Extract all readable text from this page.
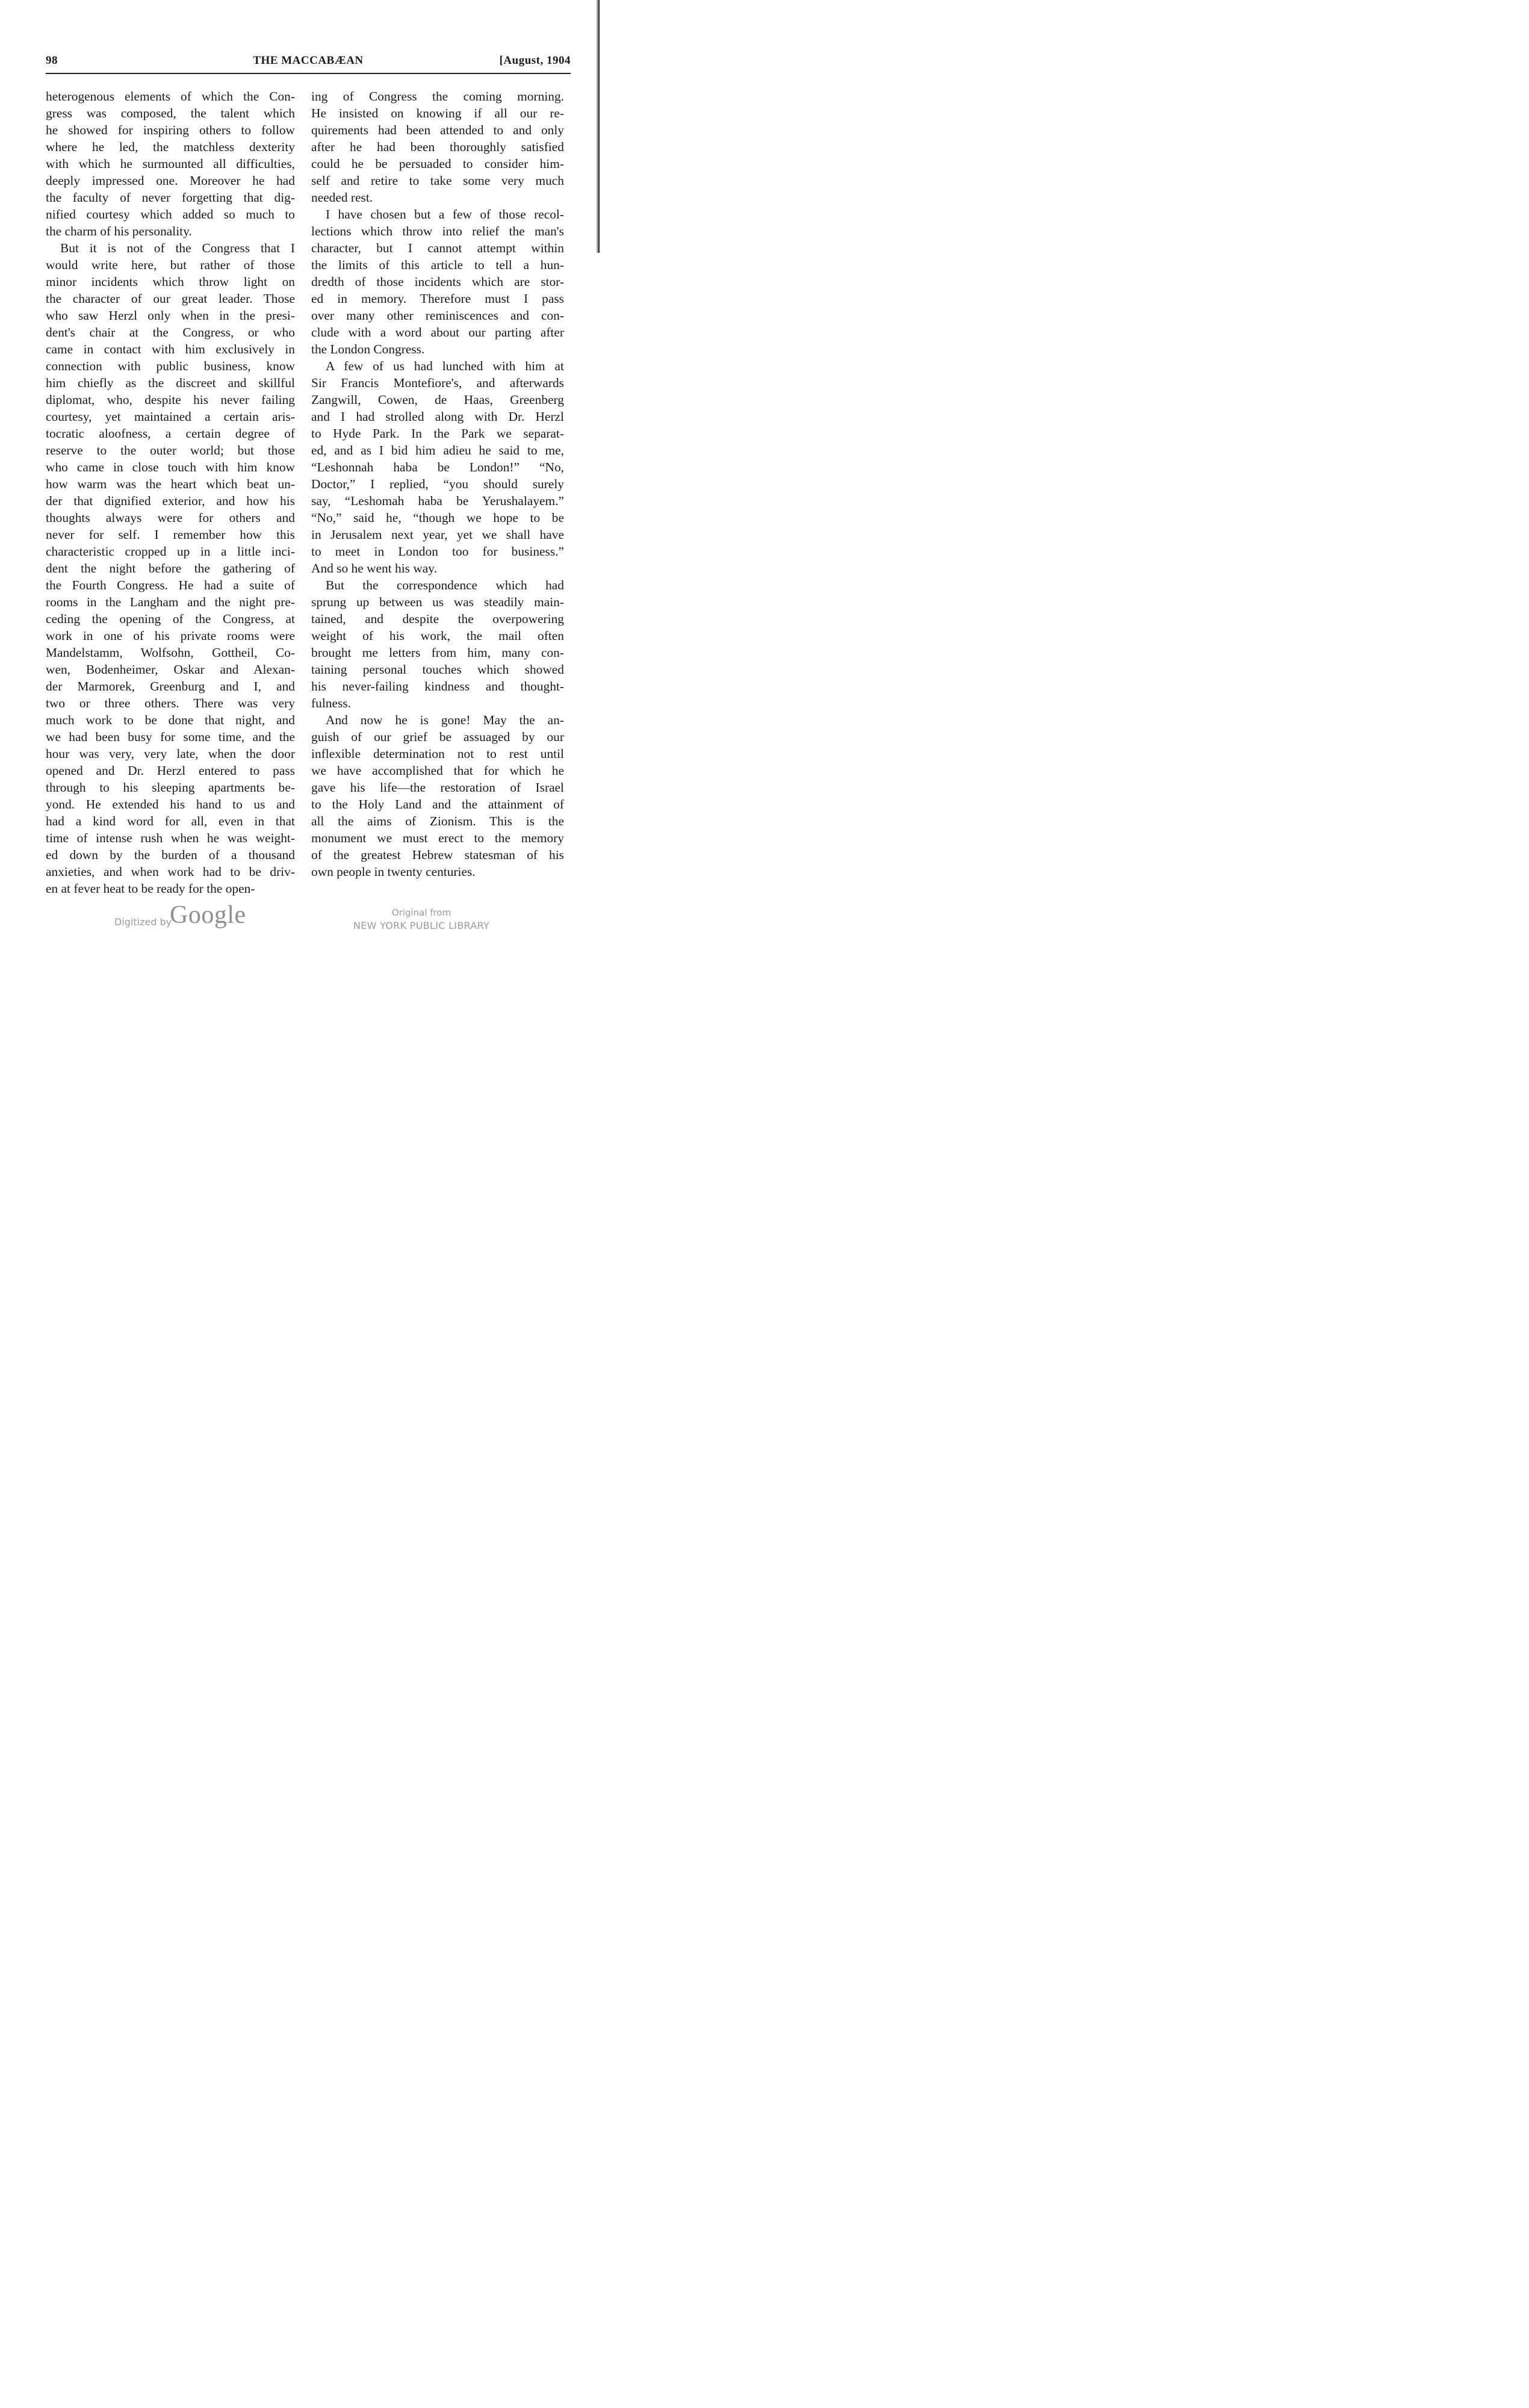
98	THE MACCABÆAN	[August, 1904
heterogenous elements of which the Con-
gress was composed, the talent which
he showed for inspiring others to follow
where he led, the matchless dexterity
with which he surmounted all difficulties,
deeply impressed one. Moreover he had
the faculty of never forgetting that dig-
nified courtesy which added so much to
the charm of his personality.
But it is not of the Congress that I
would write here, but rather of those
minor incidents which throw light on
the character of our great leader. Those
who saw Herzl only when in the presi-
dent's chair at the Congress, or who
came in contact with him exclusively in
connection with public business, know
him chiefly as the discreet and skillful
diplomat, who, despite his never failing
courtesy, yet maintained a certain aris-
tocratic aloofness, a certain degree of
reserve to the outer world; but those
who came in close touch with him know
how warm was the heart which beat un-
der that dignified exterior, and how his
thoughts always were for others and
never for self. I remember how this
characteristic cropped up in a little inci-
dent the night before the gathering of
the Fourth Congress. He had a suite of
rooms in the Langham and the night pre-
ceding the opening of the Congress, at
work in one of his private rooms were
Mandelstamm, Wolfsohn, Gottheil, Co-
wen, Bodenheimer, Oskar and Alexan-
der Marmorek, Greenburg and I, and
two or three others. There was very
much work to be done that night, and
we had been busy for some time, and the
hour was very, very late, when the door
opened and Dr. Herzl entered to pass
through to his sleeping apartments be-
yond. He extended his hand to us and
had a kind word for all, even in that
time of intense rush when he was weight-
ed down by the burden of a thousand
anxieties, and when work had to be driv-
en at fever heat to be ready for the open-
ing of Congress the coming morning.
He insisted on knowing if all our re-
quirements had been attended to and only
after he had been thoroughly satisfied
could he be persuaded to consider him-
self and retire to take some very much
needed rest.
I have chosen but a few of those recol-
lections which throw into relief the man's
character, but I cannot attempt within
the limits of this article to tell a hun-
dredth of those incidents which are stor-
ed in memory. Therefore must I pass
over many other reminiscences and con-
clude with a word about our parting after
the London Congress.
A few of us had lunched with him at
Sir Francis Montefiore's, and afterwards
Zangwill, Cowen, de Haas, Greenberg
and I had strolled along with Dr. Herzl
to Hyde Park. In the Park we separat-
ed, and as I bid him adieu he said to me,
“Leshonnah haba be London!” “No,
Doctor,” I replied, “you should surely
say, “Leshomah haba be Yerushalayem.”
“No,” said he, “though we hope to be
in Jerusalem next year, yet we shall have
to meet in London too for business.”
And so he went his way.
But the correspondence which had
sprung up between us was steadily main-
tained, and despite the overpowering
weight of his work, the mail often
brought me letters from him, many con-
taining personal touches which showed
his never-failing kindness and thought-
fulness.
And now he is gone! May the an-
guish of our grief be assuaged by our
inflexible determination not to rest until
we have accomplished that for which he
gave his life—the restoration of Israel
to the Holy Land and the attainment of
all the aims of Zionism. This is the
monument we must erect to the memory
of the greatest Hebrew statesman of his
own people in twenty centuries.
Digitized by
Google	Original from
NEW YORK PUBLIC LIBRARY
